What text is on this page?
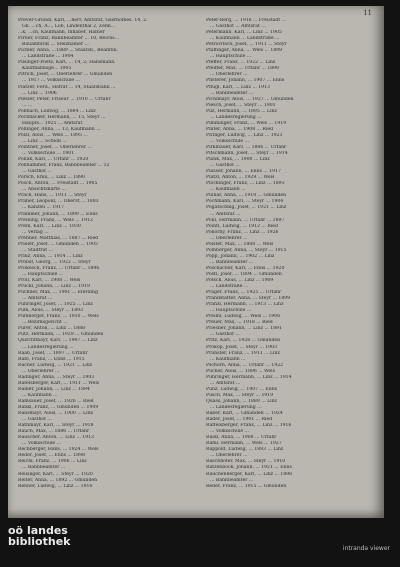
11
Prever-Gründl, Karl, ...herr, Amtsrat, Gasthofbes. 14, 2.
Gk. ...ch, A..., Lob, Lindenthal 2, Zehn...
...k, ...ch, Kaufmann, Inhaber, Hafner
Pirner, Franz, Bahnbeamter ... 10, Reichs...
Bauamtsrat ... Stelzhamer ...
Pichler, Anna, ...1889 ... Staatsb., Beamtin.
... Landstraße ... 1904
Pilsinger-Poetz, Karl, ... 14, 2; Hansmann.
Kaufmannsge... 1905
Pitrich, Josef, ... Oberlehrer ... Gmunden
... 1917 ... Volksschule ...
Platzer, Ferd., Hofrat ... 14, Staatsbahn ...
... Linz ... 1906
Pletzer, Peter, Friseur ... 1910 ... Urfahr
... ...
Pobbach, Ludwig, ... 1884 ... Linz
Pöchhacker, Hermann, ... 15, Steyr ...
Haupts... 1925 ... Amtsrat
Pöllinger, Anna, ... 13, Kaufmann ...
Pölzl, Alois, ... Wels ... 1895 ...
... Linz ... Schloß ...
Pointner, Josef, ... Oberlehrer ...
... Volksschule ... 1901
Pollak, Karl, ... Urfahr ... 1920
Pollhammer, Franz, Bahnbeamter ... 12
... Gasthof ...
Porsch, Emil, ... Linz ... 1890
Posch, Anton, ... Freistadt ... 1905
... Ansichtskarte ...
Prack, Hans, ... 1911 ... Steyr
Praher, Leopold, ... Oberst ... 1883
... Kanzlei ... 1917
Prammer, Johann, ... 1899 ... Enns
Preining, Franz, ... Wels ... 1912
Prem, Karl, ... Linz ... 1930
... Verlag ...
Prenner, Matthias, ... 1887 ... Ried
Prieler, Josef, ... Gmunden ... 1905
... Stadtrat ...
Prinz, Anna, ... 1914 ... Linz
Probst, Georg, ... 1922 ... Steyr
Prokesch, Franz, ... Urfahr ... 1896
... Hauptschule ...
Pröll, Karl, ... 1908 ... Wels
Prückl, Johann, ... Linz ... 1919
Puchner, Max, ... 1901 ... Eferding
... Amtsrat ...
Pühringer, Josef, ... 1925 ... Linz
Pum, Alois, ... Steyr ... 1893
Pumberger, Franz, ... 1910 ... Wels
... Bezirksgericht ...
Purer, Anton, ... Linz ... 1888
Putz, Hermann, ... 1929 ... Gmunden
Quirchtmayr, Karl, ... 1907 ... Linz
... Landesregierung ...
Raab, Josef, ... 1897 ... Urfahr
Rabl, Franz, ... Enns ... 1915
Racher, Ludwig, ... 1921 ... Linz
... Oberlehrer ...
Radinger, Anna, ... Steyr ... 1903
Rafelsberger, Karl, ... 1911 ... Wels
Rainer, Johann, ... Linz ... 1894
... Kaufmann ...
Ramsauer, Josef, ... 1926 ... Ried
Rankl, Franz, ... Gmunden ... 1909
Ransmayr, Alois, ... 1900 ... Linz
... Gasthof ...
Rathmayr, Karl, ... Steyr ... 1918
Rauch, Max, ... 1886 ... Urfahr
Rauscher, Anton, ... Linz ... 1913
... Volksschule ...
Rechberger, Hans, ... 1924 ... Wels
Reder, Josef, ... Enns ... 1898
Reichl, Franz, ... 1906 ... Linz
... Bahnbeamter ...
Reisinger, Karl, ... Steyr ... 1920
Reiter, Anna, ... 1892 ... Gmunden
Renner, Ludwig, ... Linz ... 1916
Peter-Berg, ... 1916 ... Freistadt ...
... Gasthof ... Amtsrat ...
Petermann, Karl, ... Linz ... 1905
... Kaufmann ... Landstraße ...
Petrovitsch, Josef, ... 1911 ... Steyr
Pfaffinger, Anna, ... Wels ... 1899
... Hauptschule ...
Pfeffer, Franz, ... 1922 ... Linz
Pfeiffer, Max, ... Urfahr ... 1890
... Oberlehrer ...
Pfisterer, Johann, ... 1907 ... Enns
Pflügl, Karl, ... Linz ... 1913
... Bahnbeamter ...
Pichlmayr, Alois, ... 1927 ... Gmunden
Piesch, Josef, ... Steyr ... 1901
Pilz, Hermann, ... 1895 ... Linz
... Landesregierung ...
Pimminger, Franz, ... Wels ... 1919
Pinter, Anna, ... 1908 ... Ried
Piringer, Ludwig, ... Linz ... 1923
... Volksschule ...
Pirklbauer, Karl, ... 1886 ... Urfahr
Pitschmann, Josef, ... Steyr ... 1914
Plank, Max, ... 1900 ... Linz
... Gasthof ...
Plasser, Johann, ... Enns ... 1917
Platzl, Anton, ... 1929 ... Wels
Plöckinger, Franz, ... Linz ... 1893
... Kaufmann ...
Pluhar, Anna, ... 1910 ... Gmunden
Pöchmann, Karl, ... Steyr ... 1904
Pogatschnig, Josef, ... 1921 ... Linz
... Amtsrat ...
Pohl, Hermann, ... Urfahr ... 1897
Pointl, Ludwig, ... 1912 ... Ried
Pokorny, Franz, ... Linz ... 1926
... Oberlehrer ...
Polster, Max, ... 1888 ... Wels
Pomberger, Anna, ... Steyr ... 1915
Popp, Johann, ... 1902 ... Linz
... Bahnbeamter ...
Poschacher, Karl, ... Enns ... 1920
Postl, Josef, ... 1894 ... Gmunden
Pötsch, Alois, ... Linz ... 1909
... Landstraße ...
Prager, Franz, ... 1925 ... Urfahr
Prandstätter, Anna, ... Steyr ... 1899
Pranzl, Hermann, ... 1913 ... Linz
... Hauptschule ...
Preiml, Ludwig, ... Wels ... 1906
Preuer, Max, ... 1918 ... Ried
Priesner, Johann, ... Linz ... 1891
... Gasthof ...
Pritz, Karl, ... 1928 ... Gmunden
Prokop, Josef, ... Steyr ... 1903
Prünster, Franz, ... 1911 ... Linz
... Kaufmann ...
Pschorn, Anna, ... Urfahr ... 1922
Pucher, Alois, ... 1896 ... Wels
Pühringer, Hermann, ... Linz ... 1914
... Amtsrat ...
Punz, Ludwig, ... 1907 ... Enns
Pusch, Max, ... Steyr ... 1919
Quass, Johann, ... 1889 ... Linz
... Landesregierung ...
Raber, Karl, ... Gmunden ... 1924
Rader, Josef, ... 1901 ... Ried
Raffelsberger, Franz, ... Linz ... 1916
... Volksschule ...
Raidl, Anna, ... 1908 ... Urfahr
Raml, Hermann, ... Wels ... 1927
Rappold, Ludwig, ... 1893 ... Linz
... Oberlehrer ...
Raschhofer, Max, ... Steyr ... 1910
Ratzenböck, Johann, ... 1921 ... Enns
Rauchenberger, Karl, ... Linz ... 1898
... Bahnbeamter ...
Reder, Franz, ... 1915 ... Gmunden
oö landes
bibliothek
intranda viewer
